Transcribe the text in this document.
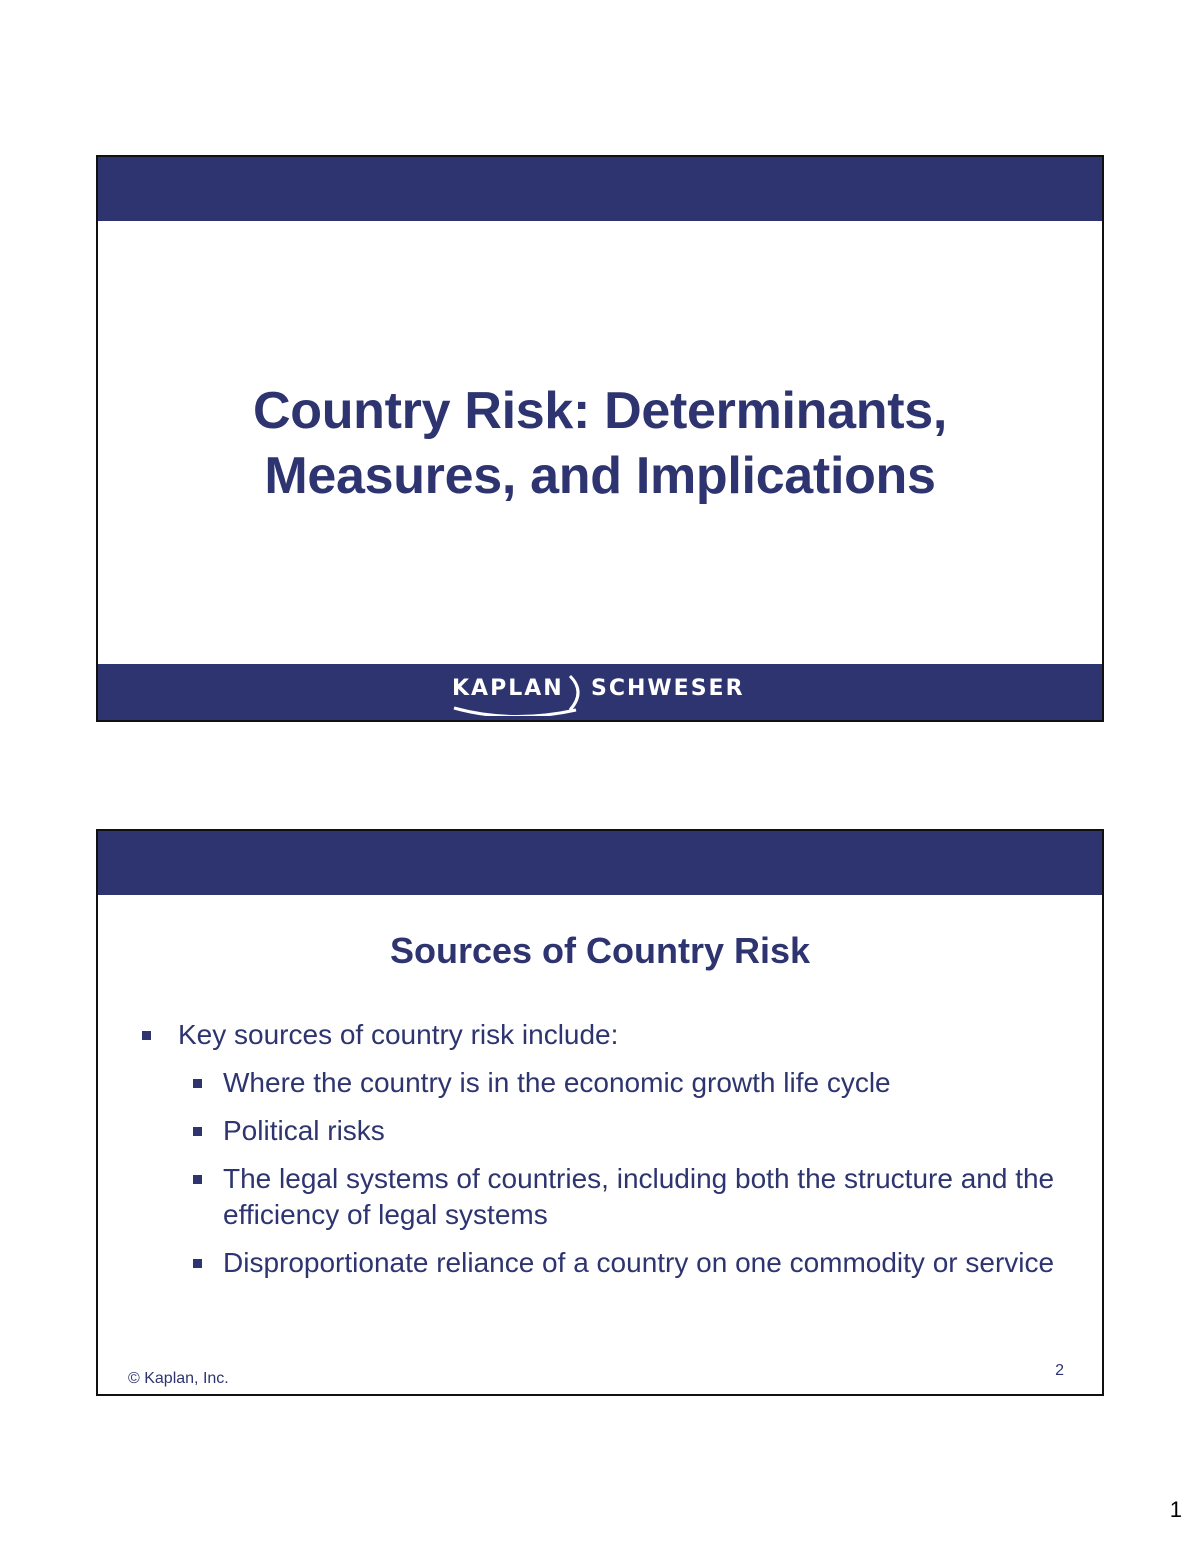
Country Risk: Determinants,
Measures, and Implications
KAPLAN SCHWESER
Sources of Country Risk
Key sources of country risk include:
Where the country is in the economic growth life cycle
Political risks
The legal systems of countries, including both the structure and the efficiency of legal systems
Disproportionate reliance of a country on one commodity or service
© Kaplan, Inc.	2
1
